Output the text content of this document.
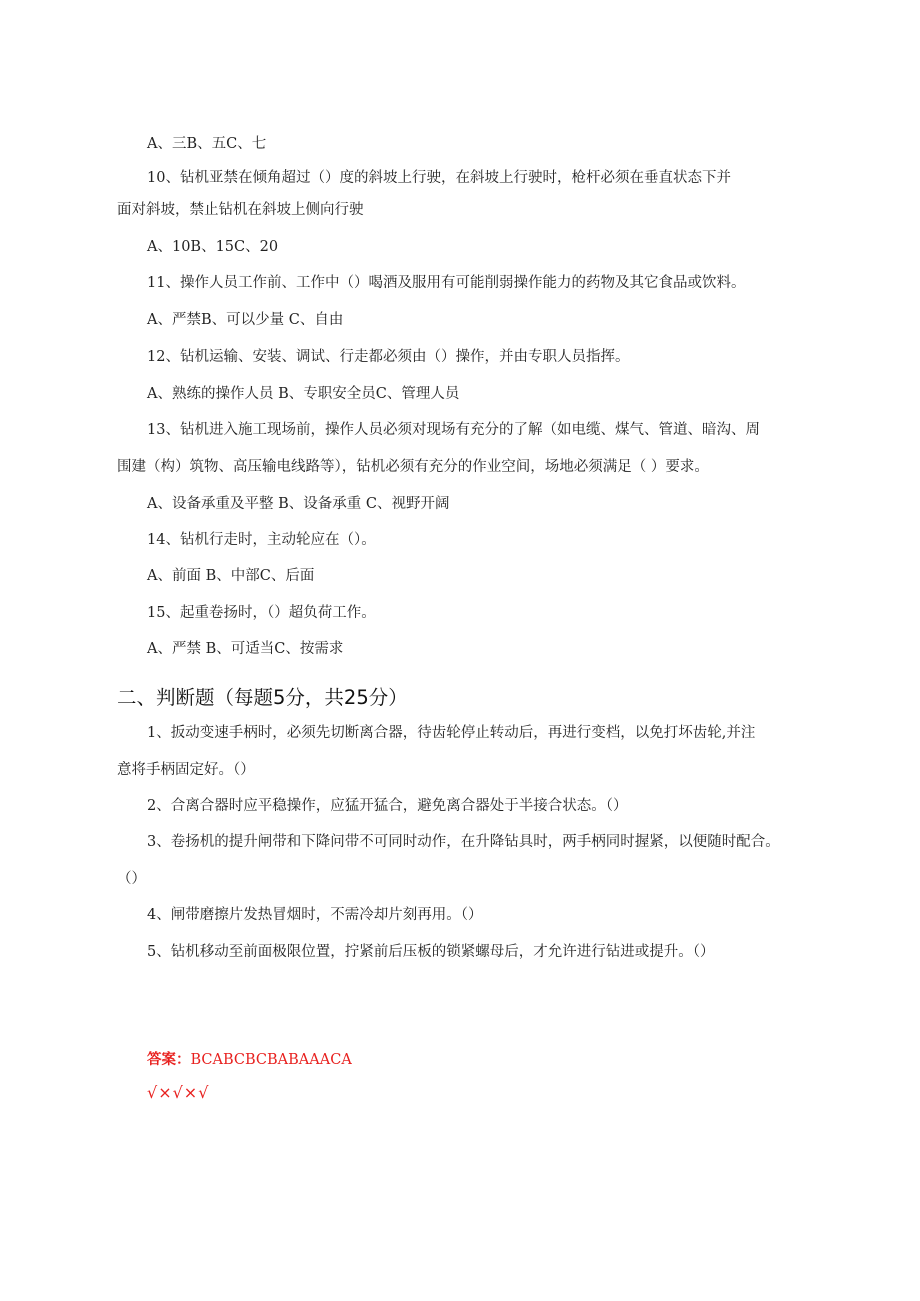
A、三B、五C、七
10、钻机亚禁在倾角超过（）度的斜坡上行驶，在斜坡上行驶时，枪杆必须在垂直状态下并
面对斜坡，禁止钻机在斜坡上侧向行驶
A、10B、15C、20
11、操作人员工作前、工作中（）喝酒及服用有可能削弱操作能力的药物及其它食品或饮料。
A、严禁B、可以少量 C、自由
12、钻机运输、安装、调试、行走都必须由（）操作，并由专职人员指挥。
A、熟练的操作人员 B、专职安全员C、管理人员
13、钻机进入施工现场前，操作人员必须对现场有充分的了解（如电缆、煤气、管道、暗沟、周
围建（构）筑物、高压输电线路等），钻机必须有充分的作业空间，场地必须满足（ ）要求。
A、设备承重及平整 B、设备承重 C、视野开阔
14、钻机行走时，主动轮应在（）。
A、前面 B、中部C、后面
15、起重卷扬时，（）超负荷工作。
A、严禁 B、可适当C、按需求
二、判断题（每题5分，共25分）
1、扳动变速手柄时，必须先切断离合器，待齿轮停止转动后，再进行变档，以免打坏齿轮,并注
意将手柄固定好。（）
2、合离合器时应平稳操作，应猛开猛合，避免离合器处于半接合状态。（）
3、卷扬机的提升闸带和下降问带不可同时动作，在升降钻具时，两手柄同时握紧，以便随时配合。
（）
4、闸带磨擦片发热冒烟时，不需冷却片刻再用。（）
5、钻机移动至前面极限位置，拧紧前后压板的锁紧螺母后，才允许进行钻进或提升。（）
答案：BCABCBCBABAAACA
√×√×√
